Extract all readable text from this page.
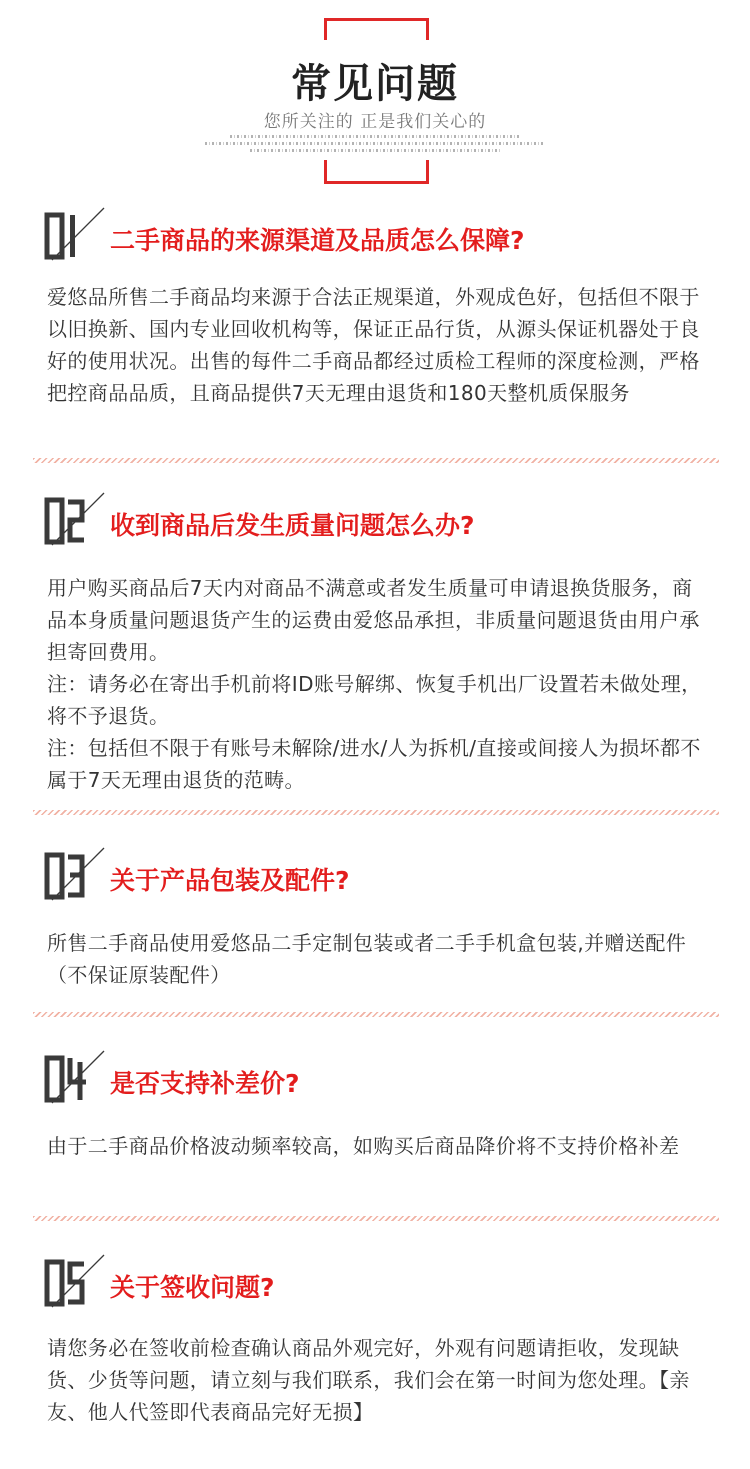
常见问题
您所关注的 正是我们关心的
二手商品的来源渠道及品质怎么保障?

爱悠品所售二手商品均来源于合法正规渠道，外观成色好，包括但不限于以旧换新、国内专业回收机构等，保证正品行货，从源头保证机器处于良好的使用状况。出售的每件二手商品都经过质检工程师的深度检测，严格把控商品品质，且商品提供7天无理由退货和180天整机质保服务

收到商品后发生质量问题怎么办?

用户购买商品后7天内对商品不满意或者发生质量可申请退换货服务，商品本身质量问题退货产生的运费由爱悠品承担，非质量问题退货由用户承担寄回费用。

注：请务必在寄出手机前将ID账号解绑、恢复手机出厂设置若未做处理，将不予退货。

注：包括但不限于有账号未解除/进水/人为拆机/直接或间接人为损坏都不属于7天无理由退货的范畴。

关于产品包装及配件?

所售二手商品使用爱悠品二手定制包装或者二手手机盒包装,并赠送配件（不保证原装配件）

是否支持补差价?

由于二手商品价格波动频率较高，如购买后商品降价将不支持价格补差

关于签收问题?

请您务必在签收前检查确认商品外观完好，外观有问题请拒收，发现缺货、少货等问题，请立刻与我们联系，我们会在第一时间为您处理。【亲友、他人代签即代表商品完好无损】
